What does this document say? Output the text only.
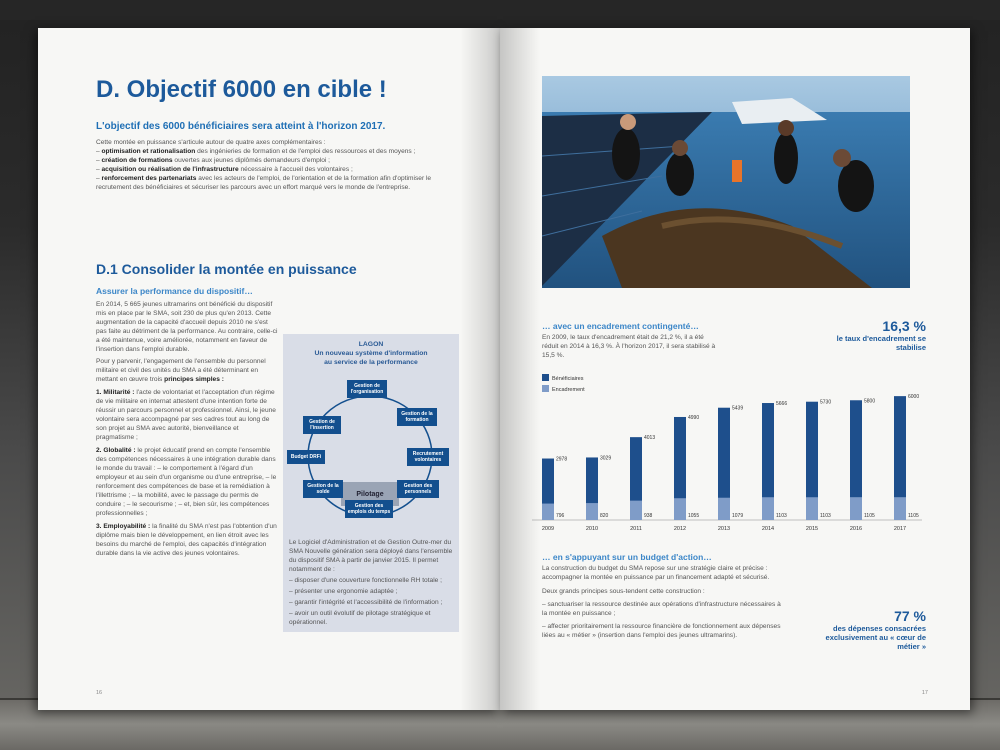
D. Objectif 6000 en cible !
L'objectif des 6000 bénéficiaires sera atteint à l'horizon 2017.
Cette montée en puissance s'articule autour de quatre axes complémentaires :
– optimisation et rationalisation des ingénieries de formation et de l'emploi des ressources et des moyens ;
– création de formations ouvertes aux jeunes diplômés demandeurs d'emploi ;
– acquisition ou réalisation de l'infrastructure nécessaire à l'accueil des volontaires ;
– renforcement des partenariats avec les acteurs de l'emploi, de l'orientation et de la formation afin d'optimiser le recrutement des bénéficiaires et sécuriser les parcours avec un effort marqué vers le monde de l'entreprise.
D.1 Consolider la montée en puissance
Assurer la performance du dispositif…
En 2014, 5 665 jeunes ultramarins ont bénéficié du dispositif mis en place par le SMA, soit 230 de plus qu'en 2013. Cette augmentation de la capacité d'accueil depuis 2010 ne s'est pas faite au détriment de la performance. Au contraire, celle-ci a été maintenue, voire améliorée, notamment en faveur de l'insertion dans l'emploi durable.
Pour y parvenir, l'engagement de l'ensemble du personnel militaire et civil des unités du SMA a été déterminant en mettant en œuvre trois principes simples :
1. Militarité : l'acte de volontariat et l'acceptation d'un régime de vie militaire en internat attestent d'une intention forte de réussir un parcours personnel et professionnel. Ainsi, le jeune volontaire sera accompagné par ses cadres tout au long de son projet au SMA avec autorité, bienveillance et pragmatisme ;
2. Globalité : le projet éducatif prend en compte l'ensemble des compétences nécessaires à une intégration durable dans le monde du travail : – le comportement à l'égard d'un employeur et au sein d'un organisme ou d'une entreprise, – le renforcement des compétences de base et la remédiation à l'illettrisme ; – la mobilité, avec le passage du permis de conduire ; – le secourisme ; – et, bien sûr, les compétences professionnelles ;
3. Employabilité : la finalité du SMA n'est pas l'obtention d'un diplôme mais bien le développement, en lien étroit avec les besoins du marché de l'emploi, des capacités d'intégration durable dans la vie active des jeunes volontaires.
LAGON
Un nouveau système d'information
au service de la performance
Pilotage
Gestion de l'organisation
Gestion de la formation
Recrutement volontaires
Gestion des personnels
Gestion des emplois du temps
Gestion de la solde
Budget DRFi
Gestion de l'insertion
Le Logiciel d'Administration et de Gestion Outre-mer du SMA Nouvelle génération sera déployé dans l'ensemble du dispositif SMA à partir de janvier 2015. Il permet notamment de :
– disposer d'une couverture fonctionnelle RH totale ;
– présenter une ergonomie adaptée ;
– garantir l'intégrité et l'accessibilité de l'information ;
– avoir un outil évolutif de pilotage stratégique et opérationnel.
16
… avec un encadrement contingenté…
En 2009, le taux d'encadrement était de 21,2 %, il a été réduit en 2014 à 16,3 %. À l'horizon 2017, il sera stabilisé à 15,5 %.
16,3 %
le taux d'encadrement se stabilise
Bénéficiaires
Encadrement
2978
796
2009
3029
820
2010
4013
938
2011
4990
1055
2012
5439
1079
2013
5666
1103
2014
5730
1103
2015
5800
1105
2016
6000
1105
2017
… en s'appuyant sur un budget d'action…
La construction du budget du SMA repose sur une stratégie claire et précise : accompagner la montée en puissance par un financement adapté et sécurisé.
Deux grands principes sous-tendent cette construction :
– sanctuariser la ressource destinée aux opérations d'infrastructure nécessaires à la montée en puissance ;
– affecter prioritairement la ressource financière de fonctionnement aux dépenses liées au « métier » (insertion dans l'emploi des jeunes ultramarins).
77 %
des dépenses consacrées exclusivement au « cœur de métier »
17
